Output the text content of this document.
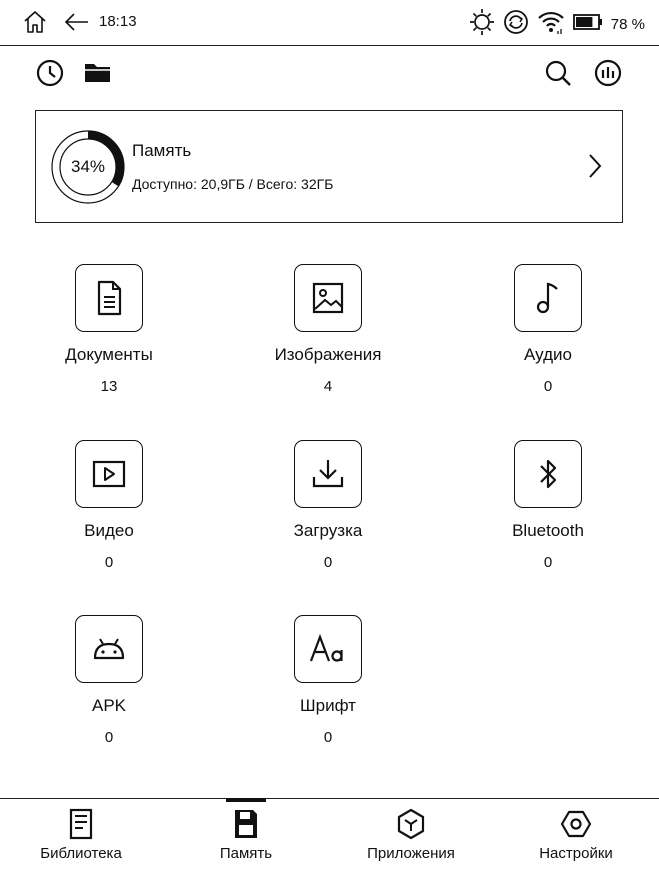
18:13	78 %
34%
Память
Доступно: 20,9ГБ / Всего: 32ГБ
Документы
13
Изображения
4
Аудио
0
Видео
0
Загрузка
0
Bluetooth
0
APK
0
Шрифт
0
Библиотека	Память	Приложения	Настройки
